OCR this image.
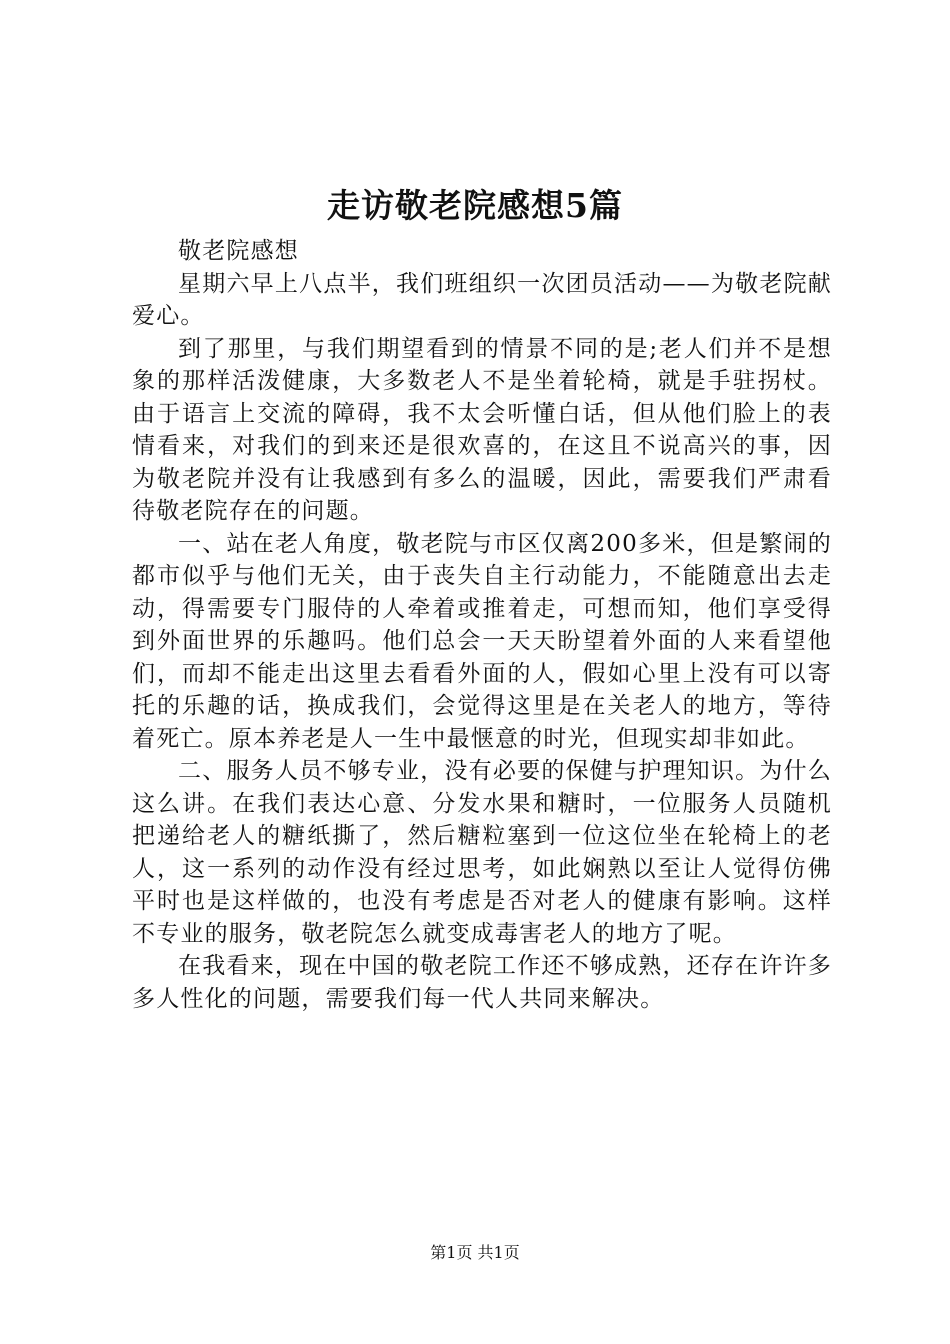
走访敬老院感想5篇

敬老院感想

星期六早上八点半，我们班组织一次团员活动——为敬老院献爱心。

到了那里，与我们期望看到的情景不同的是;老人们并不是想象的那样活泼健康，大多数老人不是坐着轮椅，就是手驻拐杖。由于语言上交流的障碍，我不太会听懂白话，但从他们脸上的表情看来，对我们的到来还是很欢喜的，在这且不说高兴的事，因为敬老院并没有让我感到有多么的温暖，因此，需要我们严肃看待敬老院存在的问题。

一、站在老人角度，敬老院与市区仅离200多米，但是繁闹的都市似乎与他们无关，由于丧失自主行动能力，不能随意出去走动，得需要专门服侍的人牵着或推着走，可想而知，他们享受得到外面世界的乐趣吗。他们总会一天天盼望着外面的人来看望他们，而却不能走出这里去看看外面的人，假如心里上没有可以寄托的乐趣的话，换成我们，会觉得这里是在关老人的地方，等待着死亡。原本养老是人一生中最惬意的时光，但现实却非如此。

二、服务人员不够专业，没有必要的保健与护理知识。为什么这么讲。在我们表达心意、分发水果和糖时，一位服务人员随机把递给老人的糖纸撕了，然后糖粒塞到一位这位坐在轮椅上的老人，这一系列的动作没有经过思考，如此娴熟以至让人觉得仿佛平时也是这样做的，也没有考虑是否对老人的健康有影响。这样不专业的服务，敬老院怎么就变成毒害老人的地方了呢。

在我看来，现在中国的敬老院工作还不够成熟，还存在许许多多人性化的问题，需要我们每一代人共同来解决。

第1页 共1页
